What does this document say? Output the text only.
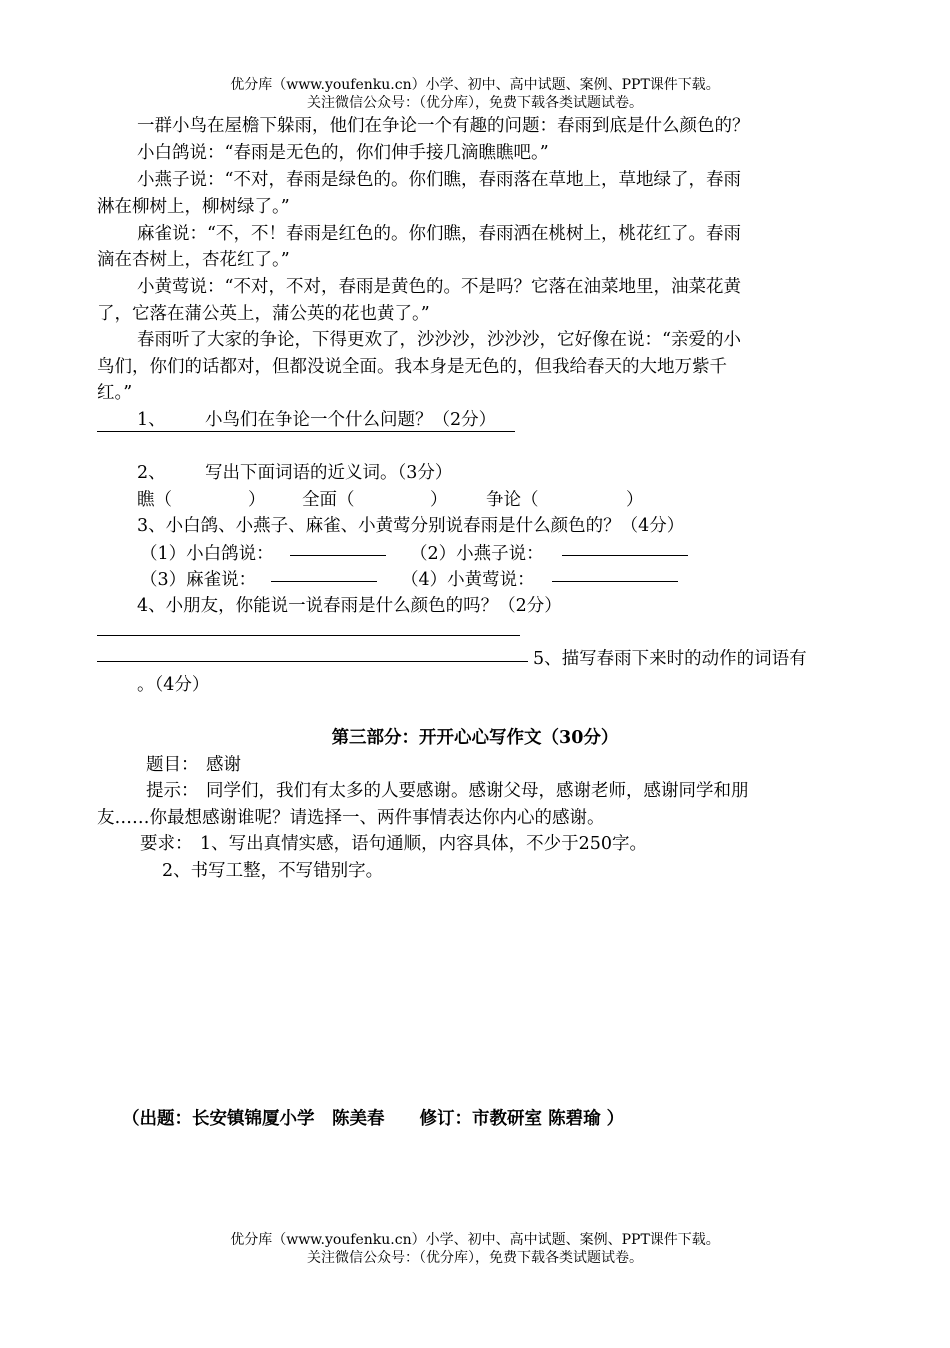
优分库（www.youfenku.cn）小学、初中、高中试题、案例、PPT课件下载。
关注微信公众号：（优分库），免费下载各类试题试卷。
一群小鸟在屋檐下躲雨，他们在争论一个有趣的问题：春雨到底是什么颜色的？
小白鸽说：“春雨是无色的，你们伸手接几滴瞧瞧吧。”
小燕子说：“不对，春雨是绿色的。你们瞧，春雨落在草地上，草地绿了，春雨
淋在柳树上，柳树绿了。”
麻雀说：“不，不！春雨是红色的。你们瞧，春雨洒在桃树上，桃花红了。春雨
滴在杏树上，杏花红了。”
小黄莺说：“不对，不对，春雨是黄色的。不是吗？它落在油菜地里，油菜花黄
了，它落在蒲公英上，蒲公英的花也黄了。”
春雨听了大家的争论，下得更欢了，沙沙沙，沙沙沙，它好像在说：“亲爱的小
鸟们，你们的话都对，但都没说全面。我本身是无色的，但我给春天的大地万紫千
红。”
1、 小鸟们在争论一个什么问题？（2分）
2、 写出下面词语的近义词。（3分）
瞧（	） 全面（	） 争论（	）
3、小白鸽、小燕子、麻雀、小黄莺分别说春雨是什么颜色的？（4分）
（1）小白鸽说：	（2）小燕子说：
（3）麻雀说：	（4）小黄莺说：
4、小朋友，你能说一说春雨是什么颜色的吗？（2分）
5、描写春雨下来时的动作的词语有
。（4分）
第三部分：开开心心写作文（30分）
题目： 感谢
提示： 同学们，我们有太多的人要感谢。感谢父母，感谢老师，感谢同学和朋
友……你最想感谢谁呢？请选择一、两件事情表达你内心的感谢。
要求： 1、写出真情实感，语句通顺，内容具体，不少于250字。
2、书写工整，不写错别字。
（出题：长安镇锦厦小学　陈美春　　修订：市教研室 陈碧瑜 ）
优分库（www.youfenku.cn）小学、初中、高中试题、案例、PPT课件下载。
关注微信公众号：（优分库），免费下载各类试题试卷。
